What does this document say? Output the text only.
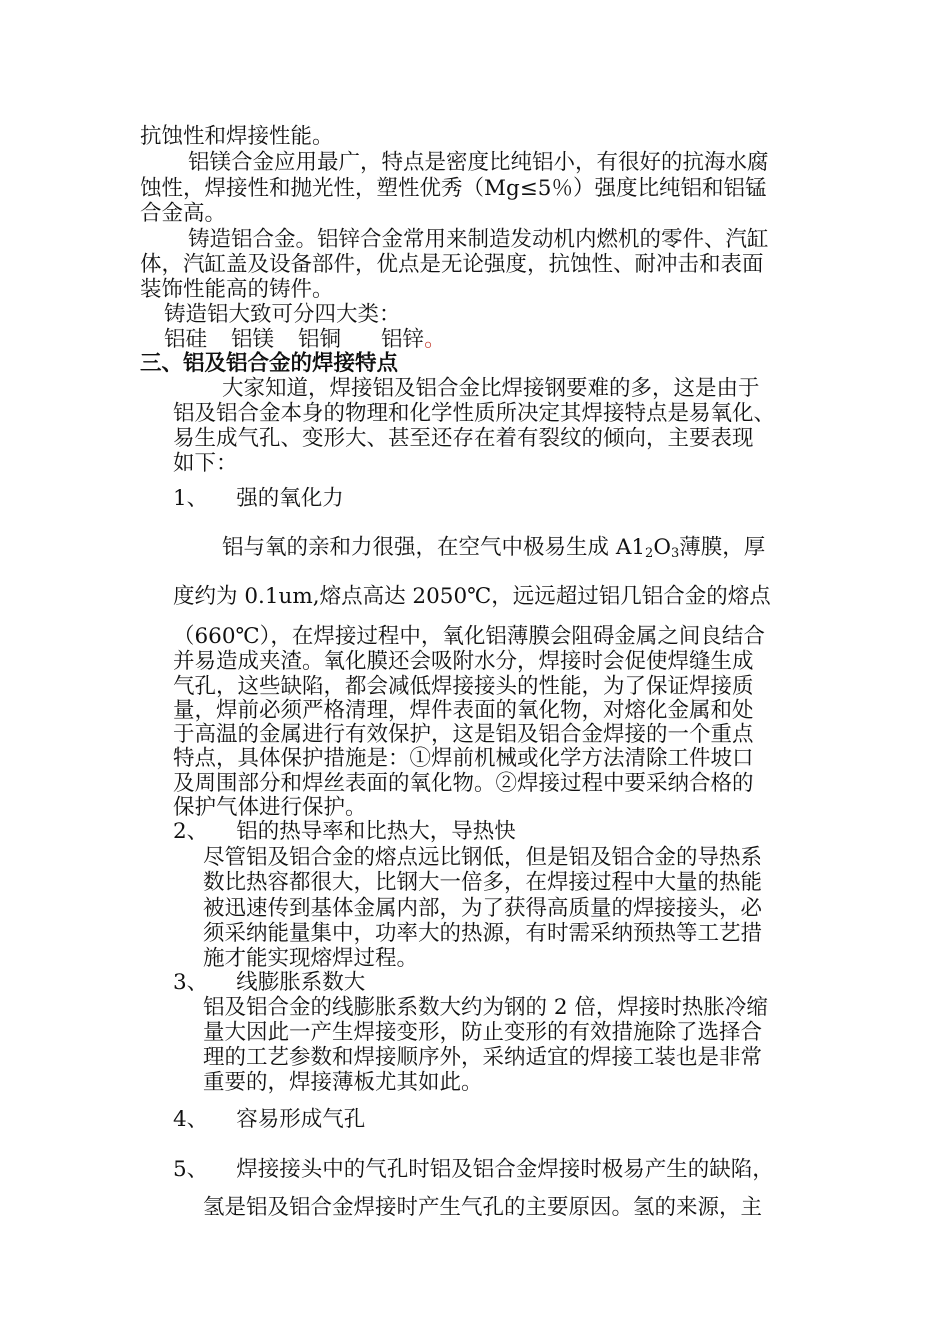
抗蚀性和焊接性能。
铝镁合金应用最广，特点是密度比纯铝小，有很好的抗海水腐
蚀性，焊接性和抛光性，塑性优秀（Mg≤5％）强度比纯铝和铝锰
合金高。
铸造铝合金。铝锌合金常用来制造发动机内燃机的零件、汽缸
体，汽缸盖及设备部件，优点是无论强度，抗蚀性、耐冲击和表面
装饰性能高的铸件。
铸造铝大致可分四大类：
铝硅 铝镁 铝铜 铝锌。
三、铝及铝合金的焊接特点
大家知道，焊接铝及铝合金比焊接钢要难的多，这是由于
铝及铝合金本身的物理和化学性质所决定其焊接特点是易氧化、
易生成气孔、变形大、甚至还存在着有裂纹的倾向，主要表现
如下：
1、 强的氧化力
铝与氧的亲和力很强，在空气中极易生成 $A1_2O_3$薄膜，厚
度约为 0.1um,熔点高达 2050℃，远远超过铝几铝合金的熔点
（660℃），在焊接过程中，氧化铝薄膜会阻碍金属之间良结合
并易造成夹渣。氧化膜还会吸附水分，焊接时会促使焊缝生成
气孔，这些缺陷，都会减低焊接接头的性能，为了保证焊接质
量，焊前必须严格清理，焊件表面的氧化物，对熔化金属和处
于高温的金属进行有效保护，这是铝及铝合金焊接的一个重点
特点，具体保护措施是：①焊前机械或化学方法清除工件坡口
及周围部分和焊丝表面的氧化物。②焊接过程中要采纳合格的
保护气体进行保护。
2、 铝的热导率和比热大，导热快
尽管铝及铝合金的熔点远比钢低，但是铝及铝合金的导热系
数比热容都很大，比钢大一倍多，在焊接过程中大量的热能
被迅速传到基体金属内部，为了获得高质量的焊接接头，必
须采纳能量集中，功率大的热源，有时需采纳预热等工艺措
施才能实现熔焊过程。
3、 线膨胀系数大
铝及铝合金的线膨胀系数大约为钢的 2 倍，焊接时热胀冷缩
量大因此一产生焊接变形，防止变形的有效措施除了选择合
理的工艺参数和焊接顺序外，采纳适宜的焊接工装也是非常
重要的，焊接薄板尤其如此。
4、 容易形成气孔
5、 焊接接头中的气孔时铝及铝合金焊接时极易产生的缺陷，
氢是铝及铝合金焊接时产生气孔的主要原因。氢的来源，主
